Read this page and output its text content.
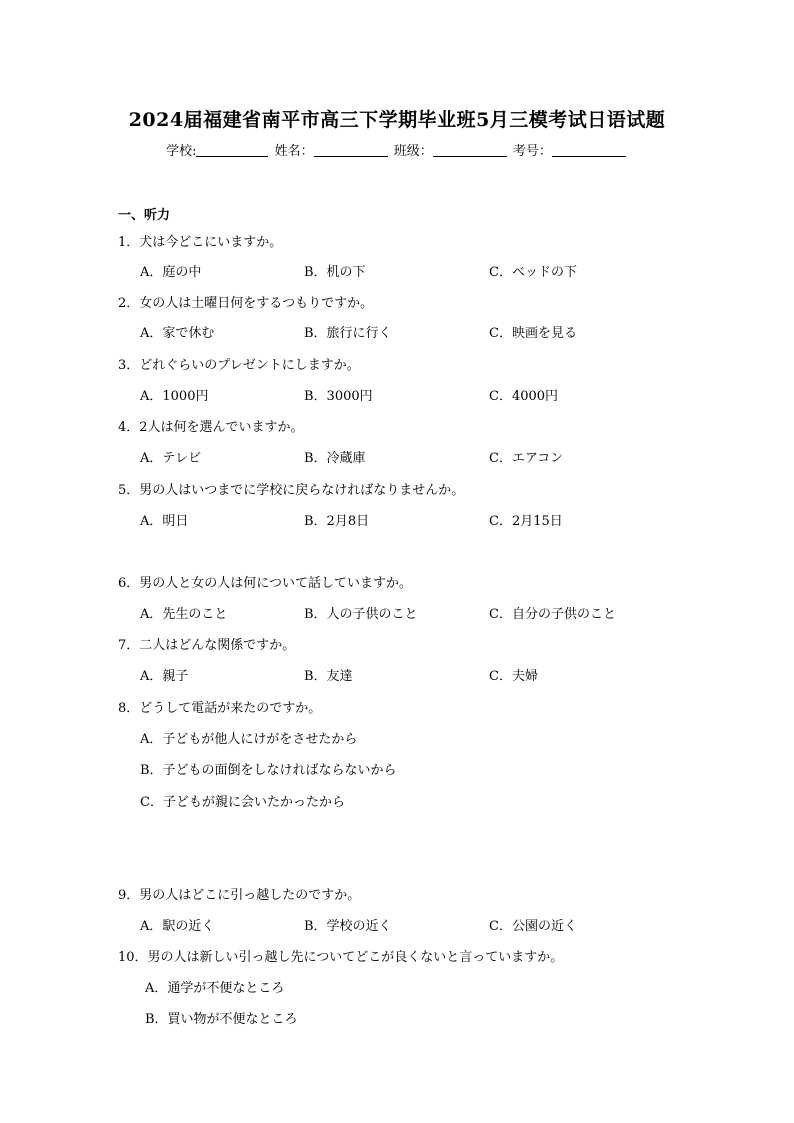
2024届福建省南平市高三下学期毕业班5月三模考试日语试题
学校:	姓名：	班级：	考号：
一、听力
1．犬は今どこにいますか。
A．庭の中	B．机の下	C．ベッドの下
2．女の人は土曜日何をするつもりですか。
A．家で休む	B．旅行に行く	C．映画を見る
3．どれぐらいのプレゼントにしますか。
A．1000円	B．3000円	C．4000円
4．2人は何を選んでいますか。
A．テレビ	B．冷蔵庫	C．エアコン
5．男の人はいつまでに学校に戻らなければなりませんか。
A．明日	B．2月8日	C．2月15日
6．男の人と女の人は何について話していますか。
A．先生のこと	B．人の子供のこと	C．自分の子供のこと
7．二人はどんな関係ですか。
A．親子	B．友達	C．夫婦
8．どうして電話が来たのですか。
A．子どもが他人にけがをさせたから
B．子どもの面倒をしなければならないから
C．子どもが親に会いたかったから
9．男の人はどこに引っ越したのですか。
A．駅の近く	B．学校の近く	C．公園の近く
10．男の人は新しい引っ越し先についてどこが良くないと言っていますか。
A．通学が不便なところ
B．買い物が不便なところ
